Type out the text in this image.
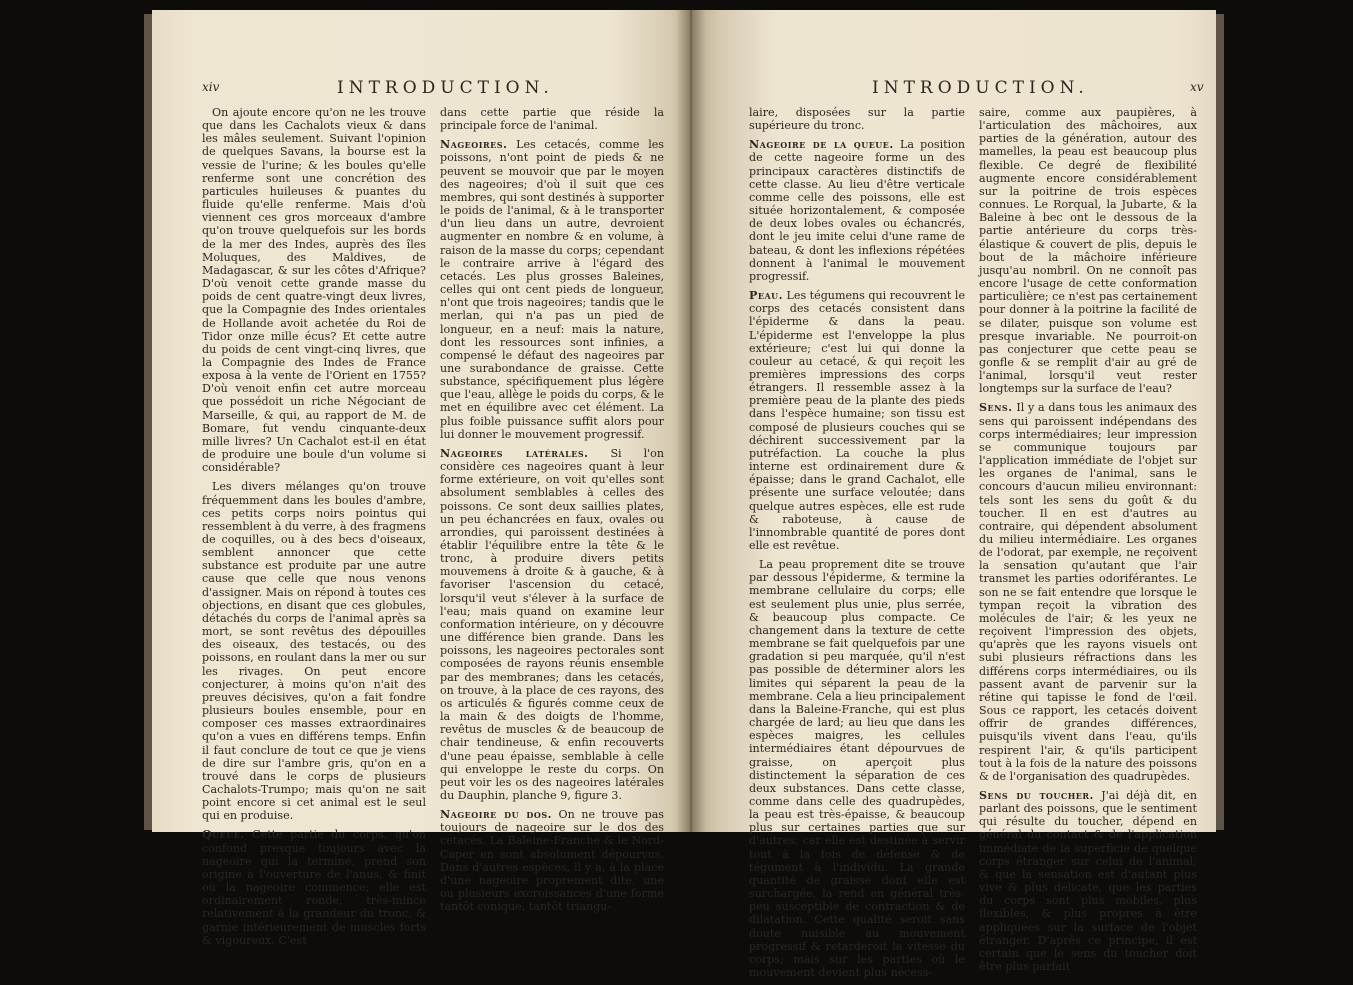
xiv	INTRODUCTION.

On ajoute encore qu'on ne les trouve que dans les Cachalots vieux & dans les mâles seulement. Suivant l'opinion de quelques Savans, la bourse est la vessie de l'urine; & les boules qu'elle renferme sont une concrétion des particules huileuses & puantes du fluide qu'elle renferme. Mais d'où viennent ces gros morceaux d'ambre qu'on trouve quelquefois sur les bords de la mer des Indes, auprès des îles Moluques, des Maldives, de Madagascar, & sur les côtes d'Afrique? D'où venoit cette grande masse du poids de cent quatre-vingt deux livres, que la Compagnie des Indes orientales de Hollande avoit achetée du Roi de Tidor onze mille écus? Et cette autre du poids de cent vingt-cinq livres, que la Compagnie des Indes de France exposa à la vente de l'Orient en 1755? D'où venoit enfin cet autre morceau que possédoit un riche Négociant de Marseille, & qui, au rapport de M. de Bomare, fut vendu cinquante-deux mille livres? Un Cachalot est-il en état de produire une boule d'un volume si considérable?

Les divers mélanges qu'on trouve fréquemment dans les boules d'ambre, ces petits corps noirs pointus qui ressemblent à du verre, à des fragmens de coquilles, ou à des becs d'oiseaux, semblent annoncer que cette substance est produite par une autre cause que celle que nous venons d'assigner. Mais on répond à toutes ces objections, en disant que ces globules, détachés du corps de l'animal après sa mort, se sont revêtus des dépouilles des oiseaux, des testacés, ou des poissons, en roulant dans la mer ou sur les rivages. On peut encore conjecturer, à moins qu'on n'ait des preuves décisives, qu'on a fait fondre plusieurs boules ensemble, pour en composer ces masses extraordinaires qu'on a vues en différens temps. Enfin il faut conclure de tout ce que je viens de dire sur l'ambre gris, qu'on en a trouvé dans le corps de plusieurs Cachalots-Trumpo; mais qu'on ne sait point encore si cet animal est le seul qui en produise.

Queue. Cette partie du corps, qu'on confond presque toujours avec la nageoire qui la termine, prend son origine à l'ouverture de l'anus, & finit où la nageoire commence; elle est ordinairement ronde, très-mince relativement à la grandeur du tronc, & garnie intérieurement de muscles forts & vigoureux. C'est

dans cette partie que réside la principale force de l'animal.

Nageoires. Les cetacés, comme les poissons, n'ont point de pieds & ne peuvent se mouvoir que par le moyen des nageoires; d'où il suit que ces membres, qui sont destinés à supporter le poids de l'animal, & à le transporter d'un lieu dans un autre, devroient augmenter en nombre & en volume, à raison de la masse du corps; cependant le contraire arrive à l'égard des cetacés. Les plus grosses Baleines, celles qui ont cent pieds de longueur, n'ont que trois nageoires; tandis que le merlan, qui n'a pas un pied de longueur, en a neuf: mais la nature, dont les ressources sont infinies, a compensé le défaut des nageoires par une surabondance de graisse. Cette substance, spécifiquement plus légère que l'eau, allège le poids du corps, & le met en équilibre avec cet élément. La plus foible puissance suffit alors pour lui donner le mouvement progressif.

Nageoires latérales. Si l'on considère ces nageoires quant à leur forme extérieure, on voit qu'elles sont absolument semblables à celles des poissons. Ce sont deux saillies plates, un peu échancrées en faux, ovales ou arrondies, qui paroissent destinées à établir l'équilibre entre la tête & le tronc, à produire divers petits mouvemens à droite & à gauche, & à favoriser l'ascension du cetacé, lorsqu'il veut s'élever à la surface de l'eau; mais quand on examine leur conformation intérieure, on y découvre une différence bien grande. Dans les poissons, les nageoires pectorales sont composées de rayons réunis ensemble par des membranes; dans les cetacés, on trouve, à la place de ces rayons, des os articulés & figurés comme ceux de la main & des doigts de l'homme, revêtus de muscles & de beaucoup de chair tendineuse, & enfin recouverts d'une peau épaisse, semblable à celle qui enveloppe le reste du corps. On peut voir les os des nageoires latérales du Dauphin, planche 9, figure 3.

Nageoire du dos. On ne trouve pas toujours de nageoire sur le dos des cetacés. La Baleine-Franche & le Nord-Caper en sont absolument dépourvus. Dans d'autres espèces, il y a, à la place d'une nageoire proprement dite, une ou plusieurs excroissances d'une forme tantôt conique, tantôt triangu-

INTRODUCTION.	xv

laire, disposées sur la partie supérieure du tronc.

Nageoire de la queue. La position de cette nageoire forme un des principaux caractères distinctifs de cette classe. Au lieu d'être verticale comme celle des poissons, elle est située horizontalement, & composée de deux lobes ovales ou échancrés, dont le jeu imite celui d'une rame de bateau, & dont les inflexions répétées donnent à l'animal le mouvement progressif.

Peau. Les tégumens qui recouvrent le corps des cetacés consistent dans l'épiderme & dans la peau. L'épiderme est l'enveloppe la plus extérieure; c'est lui qui donne la couleur au cetacé, & qui reçoit les premières impressions des corps étrangers. Il ressemble assez à la première peau de la plante des pieds dans l'espèce humaine; son tissu est composé de plusieurs couches qui se déchirent successivement par la putréfaction. La couche la plus interne est ordinairement dure & épaisse; dans le grand Cachalot, elle présente une surface veloutée; dans quelque autres espèces, elle est rude & raboteuse, à cause de l'innombrable quantité de pores dont elle est revêtue.

La peau proprement dite se trouve par dessous l'épiderme, & termine la membrane cellulaire du corps; elle est seulement plus unie, plus serrée, & beaucoup plus compacte. Ce changement dans la texture de cette membrane se fait quelquefois par une gradation si peu marquée, qu'il n'est pas possible de déterminer alors les limites qui séparent la peau de la membrane. Cela a lieu principalement dans la Baleine-Franche, qui est plus chargée de lard; au lieu que dans les espèces maigres, les cellules intermédiaires étant dépourvues de graisse, on aperçoit plus distinctement la séparation de ces deux substances. Dans cette classe, comme dans celle des quadrupèdes, la peau est très-épaisse, & beaucoup plus sur certaines parties que sur d'autres; car elle est destinée à servir tout à la fois de défense & de tégument à l'individu. La grande quantité de graisse dont elle est surchargée, la rend en général très-peu susceptible de contraction & de dilatation. Cette qualité seroit sans doute nuisible au mouvement progressif & retarderoit la vitesse du corps; mais sur les parties où le mouvement devient plus nécess-

saire, comme aux paupières, à l'articulation des mâchoires, aux parties de la génération, autour des mamelles, la peau est beaucoup plus flexible. Ce degré de flexibilité augmente encore considérablement sur la poitrine de trois espèces connues. Le Rorqual, la Jubarte, & la Baleine à bec ont le dessous de la partie antérieure du corps très-élastique & couvert de plis, depuis le bout de la mâchoire inférieure jusqu'au nombril. On ne connoît pas encore l'usage de cette conformation particulière; ce n'est pas certainement pour donner à la poitrine la facilité de se dilater, puisque son volume est presque invariable. Ne pourroit-on pas conjecturer que cette peau se gonfle & se remplit d'air au gré de l'animal, lorsqu'il veut rester longtemps sur la surface de l'eau?

Sens. Il y a dans tous les animaux des sens qui paroissent indépendans des corps intermédiaires; leur impression se communique toujours par l'application immédiate de l'objet sur les organes de l'animal, sans le concours d'aucun milieu environnant: tels sont les sens du goût & du toucher. Il en est d'autres au contraire, qui dépendent absolument du milieu intermédiaire. Les organes de l'odorat, par exemple, ne reçoivent la sensation qu'autant que l'air transmet les parties odoriférantes. Le son ne se fait entendre que lorsque le tympan reçoit la vibration des molécules de l'air; & les yeux ne reçoivent l'impression des objets, qu'après que les rayons visuels ont subi plusieurs réfractions dans les différens corps intermédiaires, ou ils passent avant de parvenir sur la rétine qui tapisse le fond de l'œil. Sous ce rapport, les cetacés doivent offrir de grandes différences, puisqu'ils vivent dans l'eau, qu'ils respirent l'air, & qu'ils participent tout à la fois de la nature des poissons & de l'organisation des quadrupèdes.

Sens du toucher. J'ai déjà dit, en parlant des poissons, que le sentiment qui résulte du toucher, dépend en général du contact & de l'application immédiate de la superficie de quelque corps étranger sur celui de l'animal; & que la sensation est d'autant plus vive & plus délicate, que les parties du corps sont plus mobiles, plus flexibles, & plus propres à être appliquées sur la surface de l'objet étranger. D'après ce principe, il est certain que le sens du toucher doit être plus parfait
